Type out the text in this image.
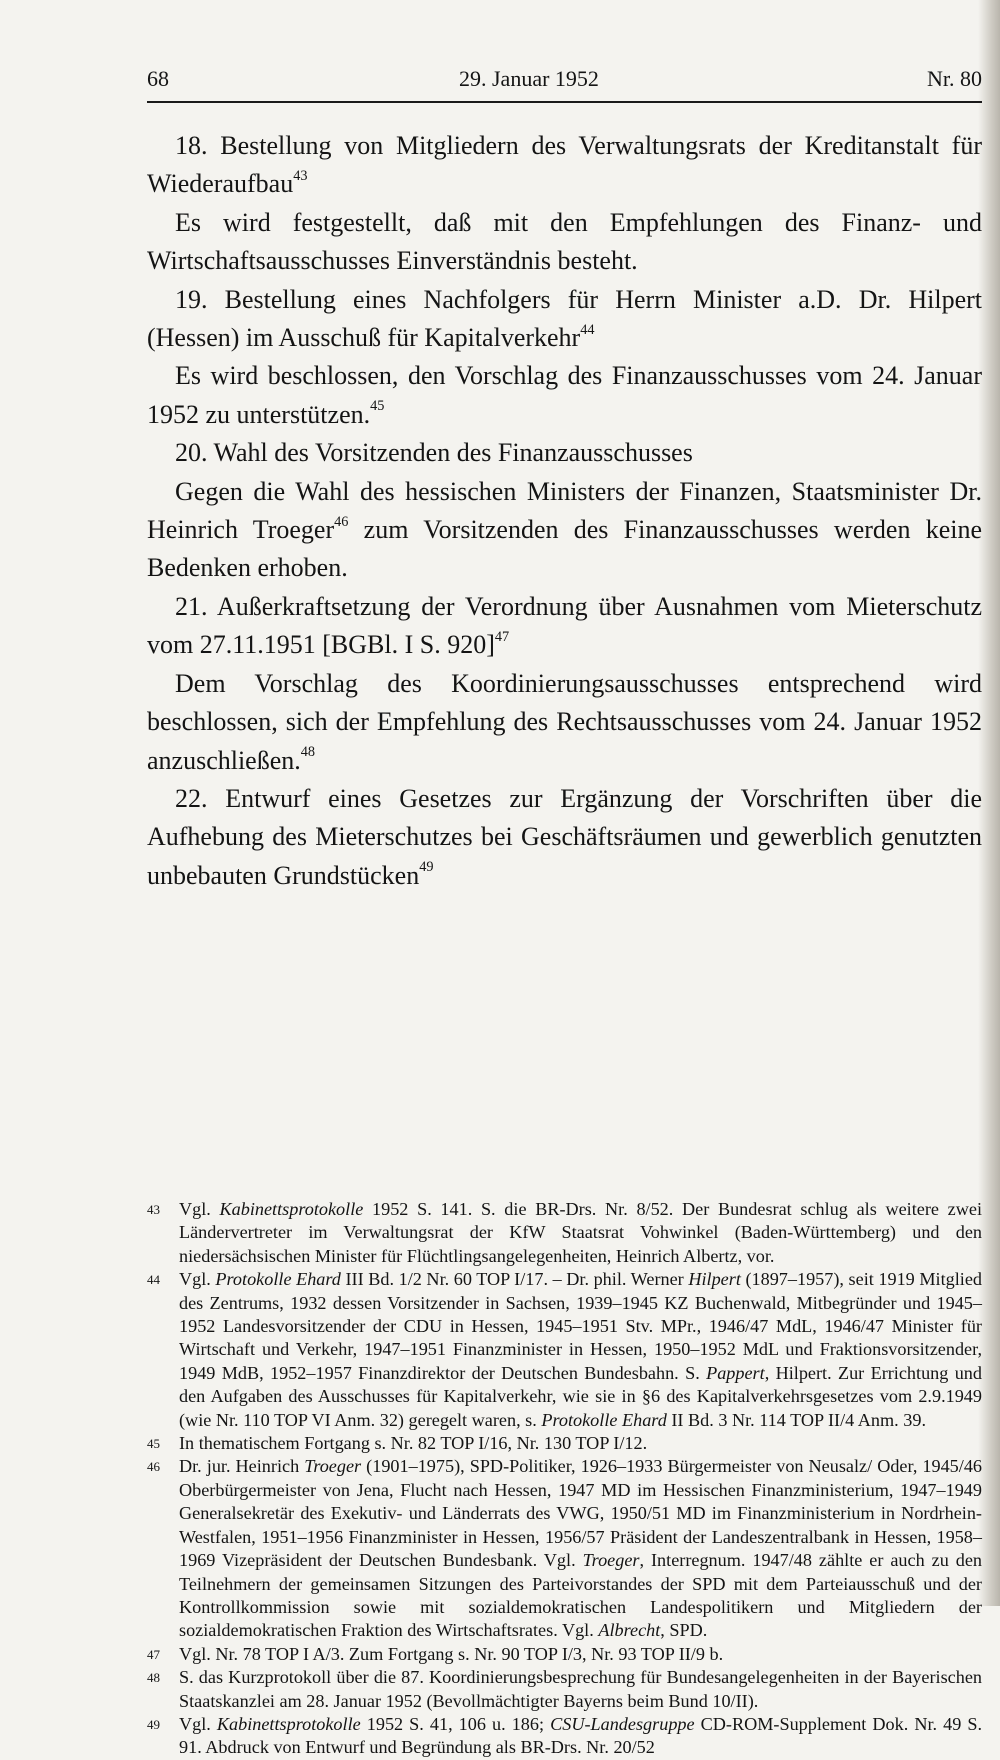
68	29. Januar 1952	Nr. 80

18. Bestellung von Mitgliedern des Verwaltungsrats der Kreditanstalt für Wiederaufbau$^{43}$

Es wird festgestellt, daß mit den Empfehlungen des Finanz- und Wirtschaftsausschusses Einverständnis besteht.

19. Bestellung eines Nachfolgers für Herrn Minister a.D. Dr. Hilpert (Hessen) im Ausschuß für Kapitalverkehr$^{44}$

Es wird beschlossen, den Vorschlag des Finanzausschusses vom 24. Januar 1952 zu unterstützen.$^{45}$

20. Wahl des Vorsitzenden des Finanzausschusses

Gegen die Wahl des hessischen Ministers der Finanzen, Staatsminister Dr. Heinrich Troeger$^{46}$ zum Vorsitzenden des Finanzausschusses werden keine Bedenken erhoben.

21. Außerkraftsetzung der Verordnung über Ausnahmen vom Mieterschutz vom 27.11.1951 [BGBl. I S. 920]$^{47}$

Dem Vorschlag des Koordinierungsausschusses entsprechend wird beschlossen, sich der Empfehlung des Rechtsausschusses vom 24. Januar 1952 anzuschließen.$^{48}$

22. Entwurf eines Gesetzes zur Ergänzung der Vorschriften über die Aufhebung des Mieterschutzes bei Geschäftsräumen und gewerblich genutzten unbebauten Grundstücken$^{49}$

43 Vgl. Kabinettsprotokolle 1952 S. 141. S. die BR-Drs. Nr. 8/52. Der Bundesrat schlug als weitere zwei Ländervertreter im Verwaltungsrat der KfW Staatsrat Vohwinkel (Baden-Württemberg) und den niedersächsischen Minister für Flüchtlingsangelegenheiten, Heinrich Albertz, vor.
44 Vgl. Protokolle Ehard III Bd. 1/2 Nr. 60 TOP I/17. – Dr. phil. Werner Hilpert (1897–1957), seit 1919 Mitglied des Zentrums, 1932 dessen Vorsitzender in Sachsen, 1939–1945 KZ Buchenwald, Mitbegründer und 1945–1952 Landesvorsitzender der CDU in Hessen, 1945–1951 Stv. MPr., 1946/47 MdL, 1946/47 Minister für Wirtschaft und Verkehr, 1947–1951 Finanzminister in Hessen, 1950–1952 MdL und Fraktionsvorsitzender, 1949 MdB, 1952–1957 Finanzdirektor der Deutschen Bundesbahn. S. Pappert, Hilpert. Zur Errichtung und den Aufgaben des Ausschusses für Kapitalverkehr, wie sie in §6 des Kapitalverkehrsgesetzes vom 2.9.1949 (wie Nr. 110 TOP VI Anm. 32) geregelt waren, s. Protokolle Ehard II Bd. 3 Nr. 114 TOP II/4 Anm. 39.
45 In thematischem Fortgang s. Nr. 82 TOP I/16, Nr. 130 TOP I/12.
46 Dr. jur. Heinrich Troeger (1901–1975), SPD-Politiker, 1926–1933 Bürgermeister von Neusalz/ Oder, 1945/46 Oberbürgermeister von Jena, Flucht nach Hessen, 1947 MD im Hessischen Finanzministerium, 1947–1949 Generalsekretär des Exekutiv- und Länderrats des VWG, 1950/51 MD im Finanzministerium in Nordrhein-Westfalen, 1951–1956 Finanzminister in Hessen, 1956/57 Präsident der Landeszentralbank in Hessen, 1958–1969 Vizepräsident der Deutschen Bundesbank. Vgl. Troeger, Interregnum. 1947/48 zählte er auch zu den Teilnehmern der gemeinsamen Sitzungen des Parteivorstandes der SPD mit dem Parteiausschuß und der Kontrollkommission sowie mit sozialdemokratischen Landespolitikern und Mitgliedern der sozialdemokratischen Fraktion des Wirtschaftsrates. Vgl. Albrecht, SPD.
47 Vgl. Nr. 78 TOP I A/3. Zum Fortgang s. Nr. 90 TOP I/3, Nr. 93 TOP II/9 b.
48 S. das Kurzprotokoll über die 87. Koordinierungsbesprechung für Bundesangelegenheiten in der Bayerischen Staatskanzlei am 28. Januar 1952 (Bevollmächtigter Bayerns beim Bund 10/II).
49 Vgl. Kabinettsprotokolle 1952 S. 41, 106 u. 186; CSU-Landesgruppe CD-ROM-Supplement Dok. Nr. 49 S. 91. Abdruck von Entwurf und Begründung als BR-Drs. Nr. 20/52
